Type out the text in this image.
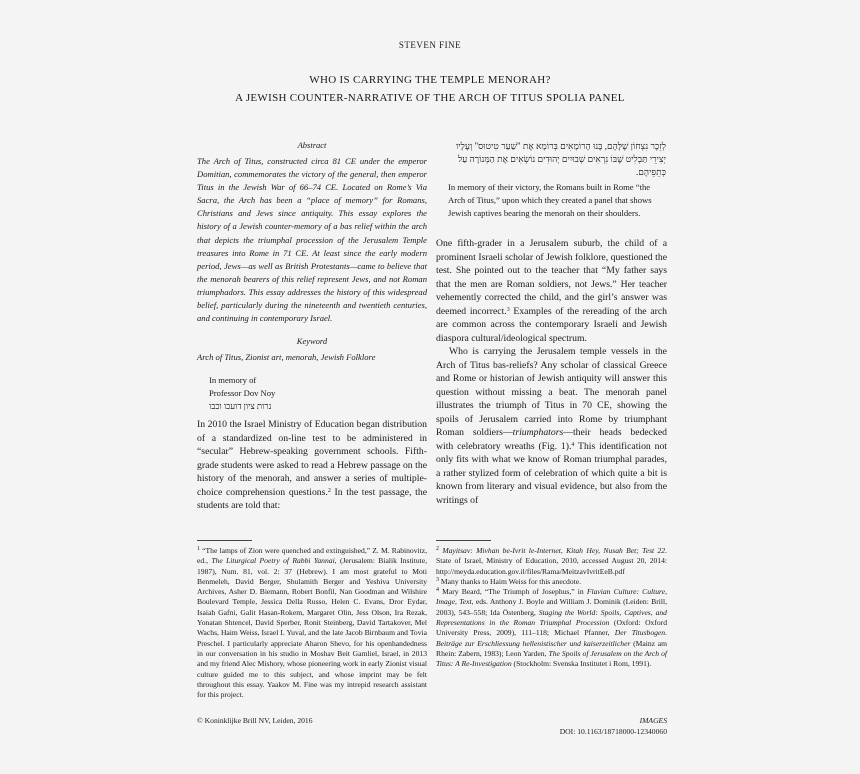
STEVEN FINE
WHO IS CARRYING THE TEMPLE MENORAH?
A JEWISH COUNTER-NARRATIVE OF THE ARCH OF TITUS SPOLIA PANEL
Abstract
The Arch of Titus, constructed circa 81 CE under the emperor Domitian, commemorates the victory of the general, then emperor Titus in the Jewish War of 66–74 CE. Located on Rome’s Via Sacra, the Arch has been a “place of memory” for Romans, Christians and Jews since antiquity. This essay explores the history of a Jewish counter-memory of a bas relief within the arch that depicts the triumphal procession of the Jerusalem Temple treasures into Rome in 71 CE. At least since the early modern period, Jews—as well as British Protestants—came to believe that the menorah bearers of this relief represent Jews, and not Roman triumphadors. This essay addresses the history of this widespread belief, particularly during the nineteenth and twentieth centuries, and continuing in contemporary Israel.
Keyword
Arch of Titus, Zionist art, menorah, Jewish Folklore
In memory of
Professor Dov Noy
נרות ציון דועכו וכבו

In 2010 the Israel Ministry of Education began distribution of a standardized on-line test to be administered in “secular” Hebrew-speaking government schools. Fifth-grade students were asked to read a Hebrew passage on the history of the menorah, and answer a series of multiple-choice comprehension questions.$^2$ In the test passage, the students are told that:

לְזֵכֶר נִצְחוֹן שֶׁלָּהֶם, בָּנוּ הָרוֹמָאִים בְּרוֹמָא אֶת "שַׁעַר טִיטוּס" וְעָלָיו יְצִירֵי תַּבְלִיט שֶׁבּוֹ נִרְאִים שְׁבוּיִים יְהוּדִים נוֹשְׂאִים אֶת הַמְּנוֹרָה עַל כְּתֵפֵיהֶם.
In memory of their victory, the Romans built in Rome “the Arch of Titus,” upon which they created a panel that shows Jewish captives bearing the menorah on their shoulders.

One fifth-grader in a Jerusalem suburb, the child of a prominent Israeli scholar of Jewish folklore, questioned the test. She pointed out to the teacher that “My father says that the men are Roman soldiers, not Jews.” Her teacher vehemently corrected the child, and the girl’s answer was deemed incorrect.$^3$ Examples of the rereading of the arch are common across the contemporary Israeli and Jewish diaspora cultural/ideological spectrum.

Who is carrying the Jerusalem temple vessels in the Arch of Titus bas-reliefs? Any scholar of classical Greece and Rome or historian of Jewish antiquity will answer this question without missing a beat. The menorah panel illustrates the triumph of Titus in 70 CE, showing the spoils of Jerusalem carried into Rome by triumphant Roman soldiers—triumphators—their heads bedecked with celebratory wreaths (Fig. 1).$^4$ This identification not only fits with what we know of Roman triumphal parades, a rather stylized form of celebration of which quite a bit is known from literary and visual evidence, but also from the writings of

$^1$ “The lamps of Zion were quenched and extinguished,” Z. M. Rabinovitz, ed., The Liturgical Poetry of Rabbi Yannai, (Jerusalem: Bialik Institute, 1987), Num. 81, vol. 2: 37 (Hebrew). I am most grateful to Moti Benmeleh, David Berger, Shulamith Berger and Yeshiva University Archives, Asher D. Biemann, Robert Bonfil, Nan Goodman and Wilshire Boulevard Temple, Jessica Della Russo, Helen C. Evans, Dror Eydar, Isaiah Gafni, Galit Hasan-Rokem, Margaret Olin, Jess Olson, Ira Rezak, Yonatan Shtencel, David Sperber, Ronit Steinberg, David Tartakover, Mel Wachs, Haim Weiss, Israel I. Yuval, and the late Jacob Birnbaum and Tovia Preschel. I particularly appreciate Aharon Shevo, for his openhandedness in our conversation in his studio in Moshav Beit Gamliel, Israel, in 2013 and my friend Alec Mishory, whose pioneering work in early Zionist visual culture guided me to this subject, and whose imprint may be felt throughout this essay. Yaakov M. Fine was my intrepid research assistant for this project.

$^2$ Mayitsav: Mivhan be-Ivrit le-Internet, Kitah Hey, Nusah Bet; Test 22. State of Israel, Ministry of Education, 2010, accessed August 20, 2014: http://meyda.education.gov.il/files/Rama/MeitzavIvritEeB.pdf

$^3$ Many thanks to Haim Weiss for this anecdote.

$^4$ Mary Beard, “The Triumph of Josephus,” in Flavian Culture: Culture, Image, Text, eds. Anthony J. Boyle and William J. Dominik (Leiden: Brill, 2003), 543–558; Ida Östenberg, Staging the World: Spoils, Captives, and Representations in the Roman Triumphal Procession (Oxford: Oxford University Press, 2009), 111–118; Michael Pfanner, Der Titusbogen. Beiträge zur Erschliessung hellenistischer und kaiserzeitlicher (Mainz am Rhein: Zabern, 1983); Leon Yarden, The Spoils of Jerusalem on the Arch of Titus: A Re-Investigation (Stockholm: Svenska Institutet i Rom, 1991).

© Koninklijke Brill NV, Leiden, 2016	IMAGES
DOI: 10.1163/18718000-12340060
